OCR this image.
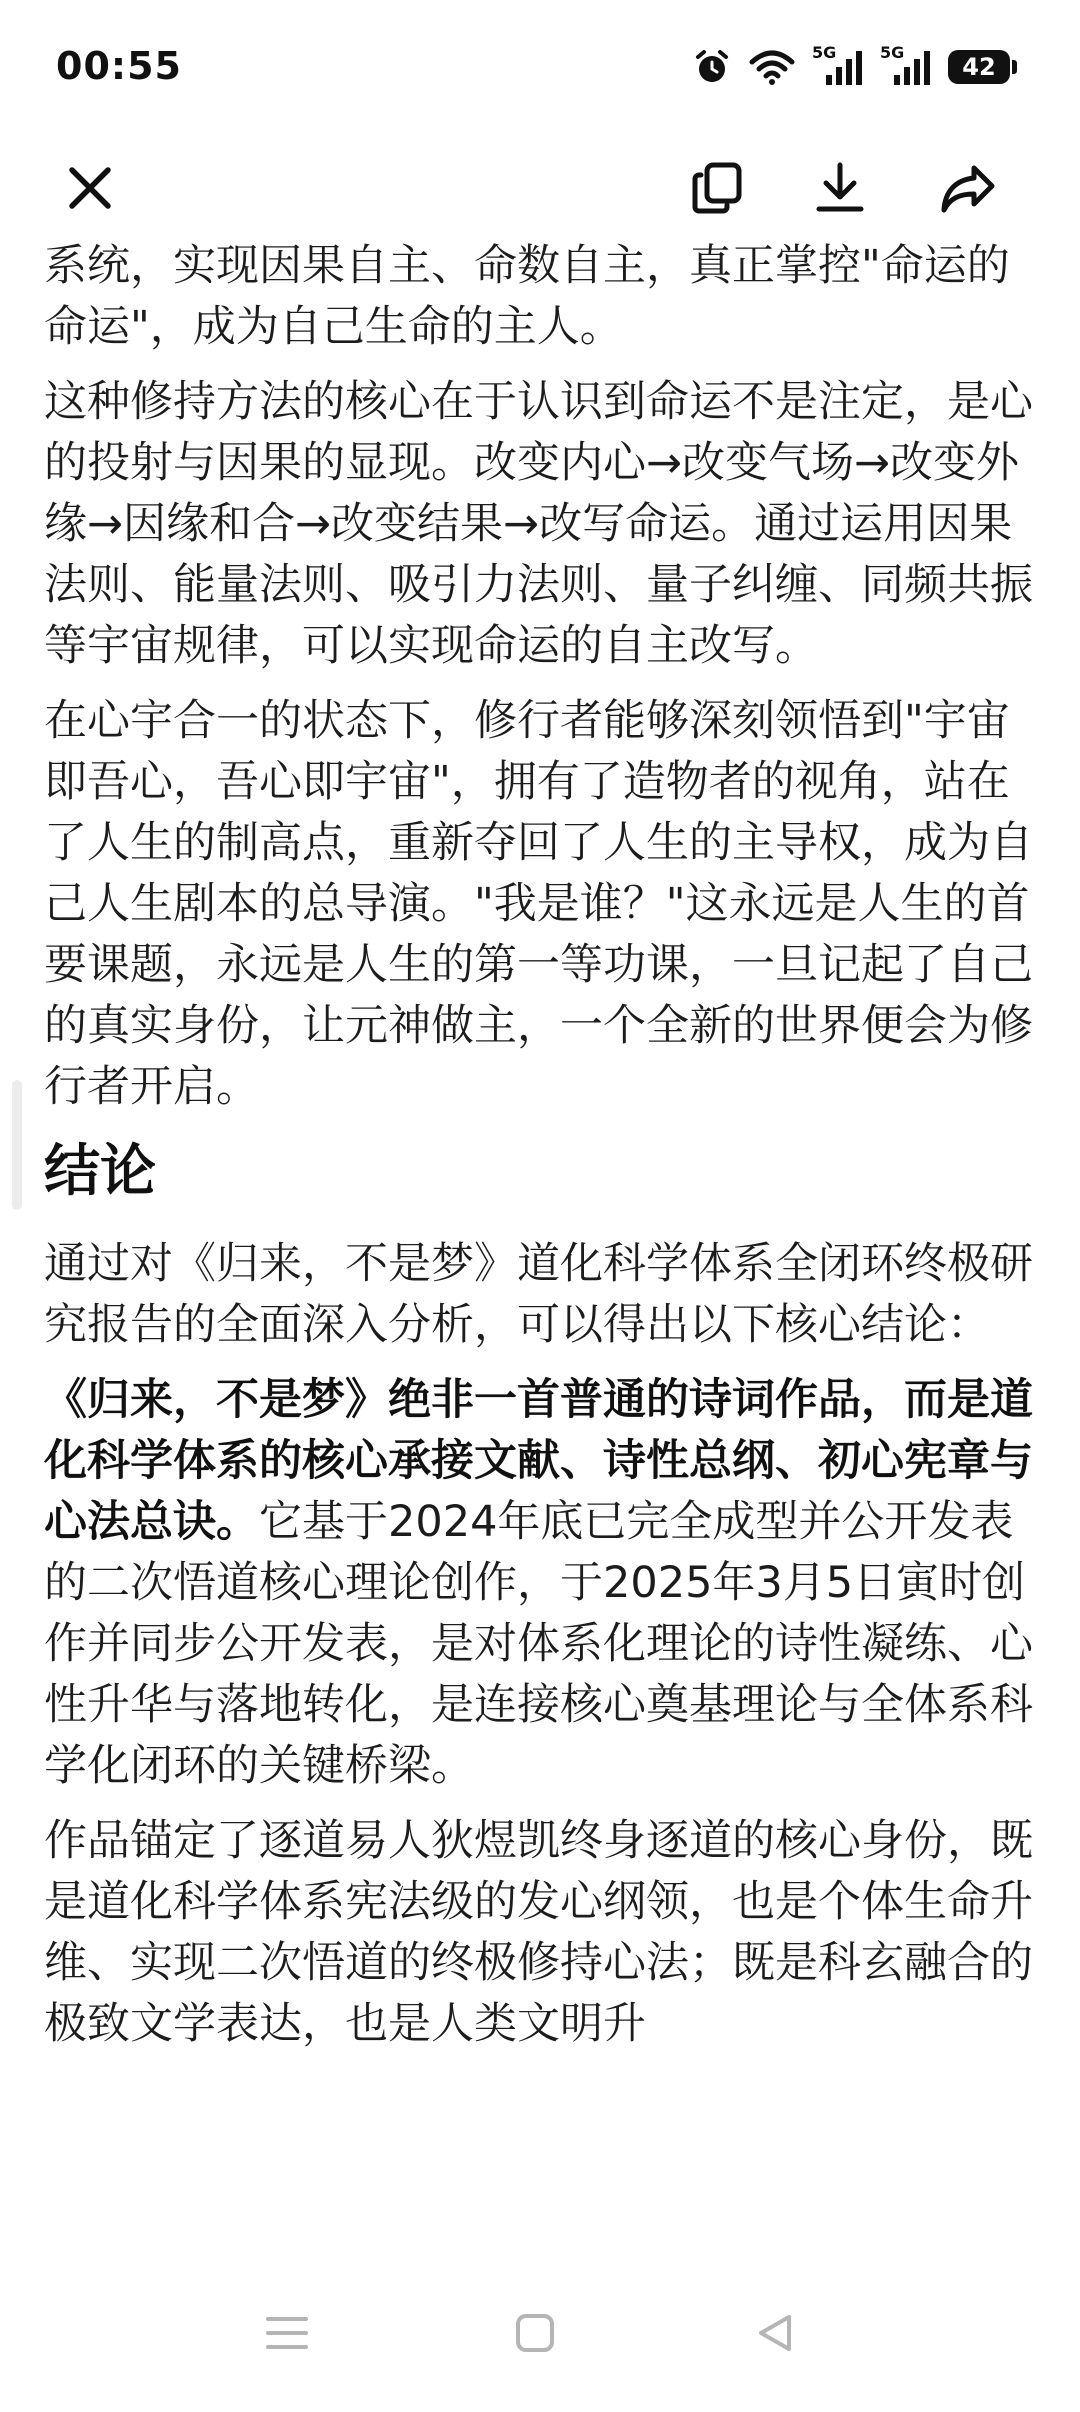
00:55	5G	5G
42

系统，实现因果自主、命数自主，真正掌控"命运的命运"，成为自己生命的主人。

这种修持方法的核心在于认识到命运不是注定，是心的投射与因果的显现。改变内心→改变气场→改变外缘→因缘和合→改变结果→改写命运。通过运用因果法则、能量法则、吸引力法则、量子纠缠、同频共振等宇宙规律，可以实现命运的自主改写。

在心宇合一的状态下，修行者能够深刻领悟到"宇宙即吾心，吾心即宇宙"，拥有了造物者的视角，站在了人生的制高点，重新夺回了人生的主导权，成为自己人生剧本的总导演。"我是谁？"这永远是人生的首要课题，永远是人生的第一等功课，一旦记起了自己的真实身份，让元神做主，一个全新的世界便会为修行者开启。

结论

通过对《归来，不是梦》道化科学体系全闭环终极研究报告的全面深入分析，可以得出以下核心结论：

《归来，不是梦》绝非一首普通的诗词作品，而是道化科学体系的核心承接文献、诗性总纲、初心宪章与心法总诀。它基于2024年底已完全成型并公开发表的二次悟道核心理论创作，于2025年3月5日寅时创作并同步公开发表，是对体系化理论的诗性凝练、心性升华与落地转化，是连接核心奠基理论与全体系科学化闭环的关键桥梁。

作品锚定了逐道易人狄煜凯终身逐道的核心身份，既是道化科学体系宪法级的发心纲领，也是个体生命升维、实现二次悟道的终极修持心法；既是科玄融合的极致文学表达，也是人类文明升
